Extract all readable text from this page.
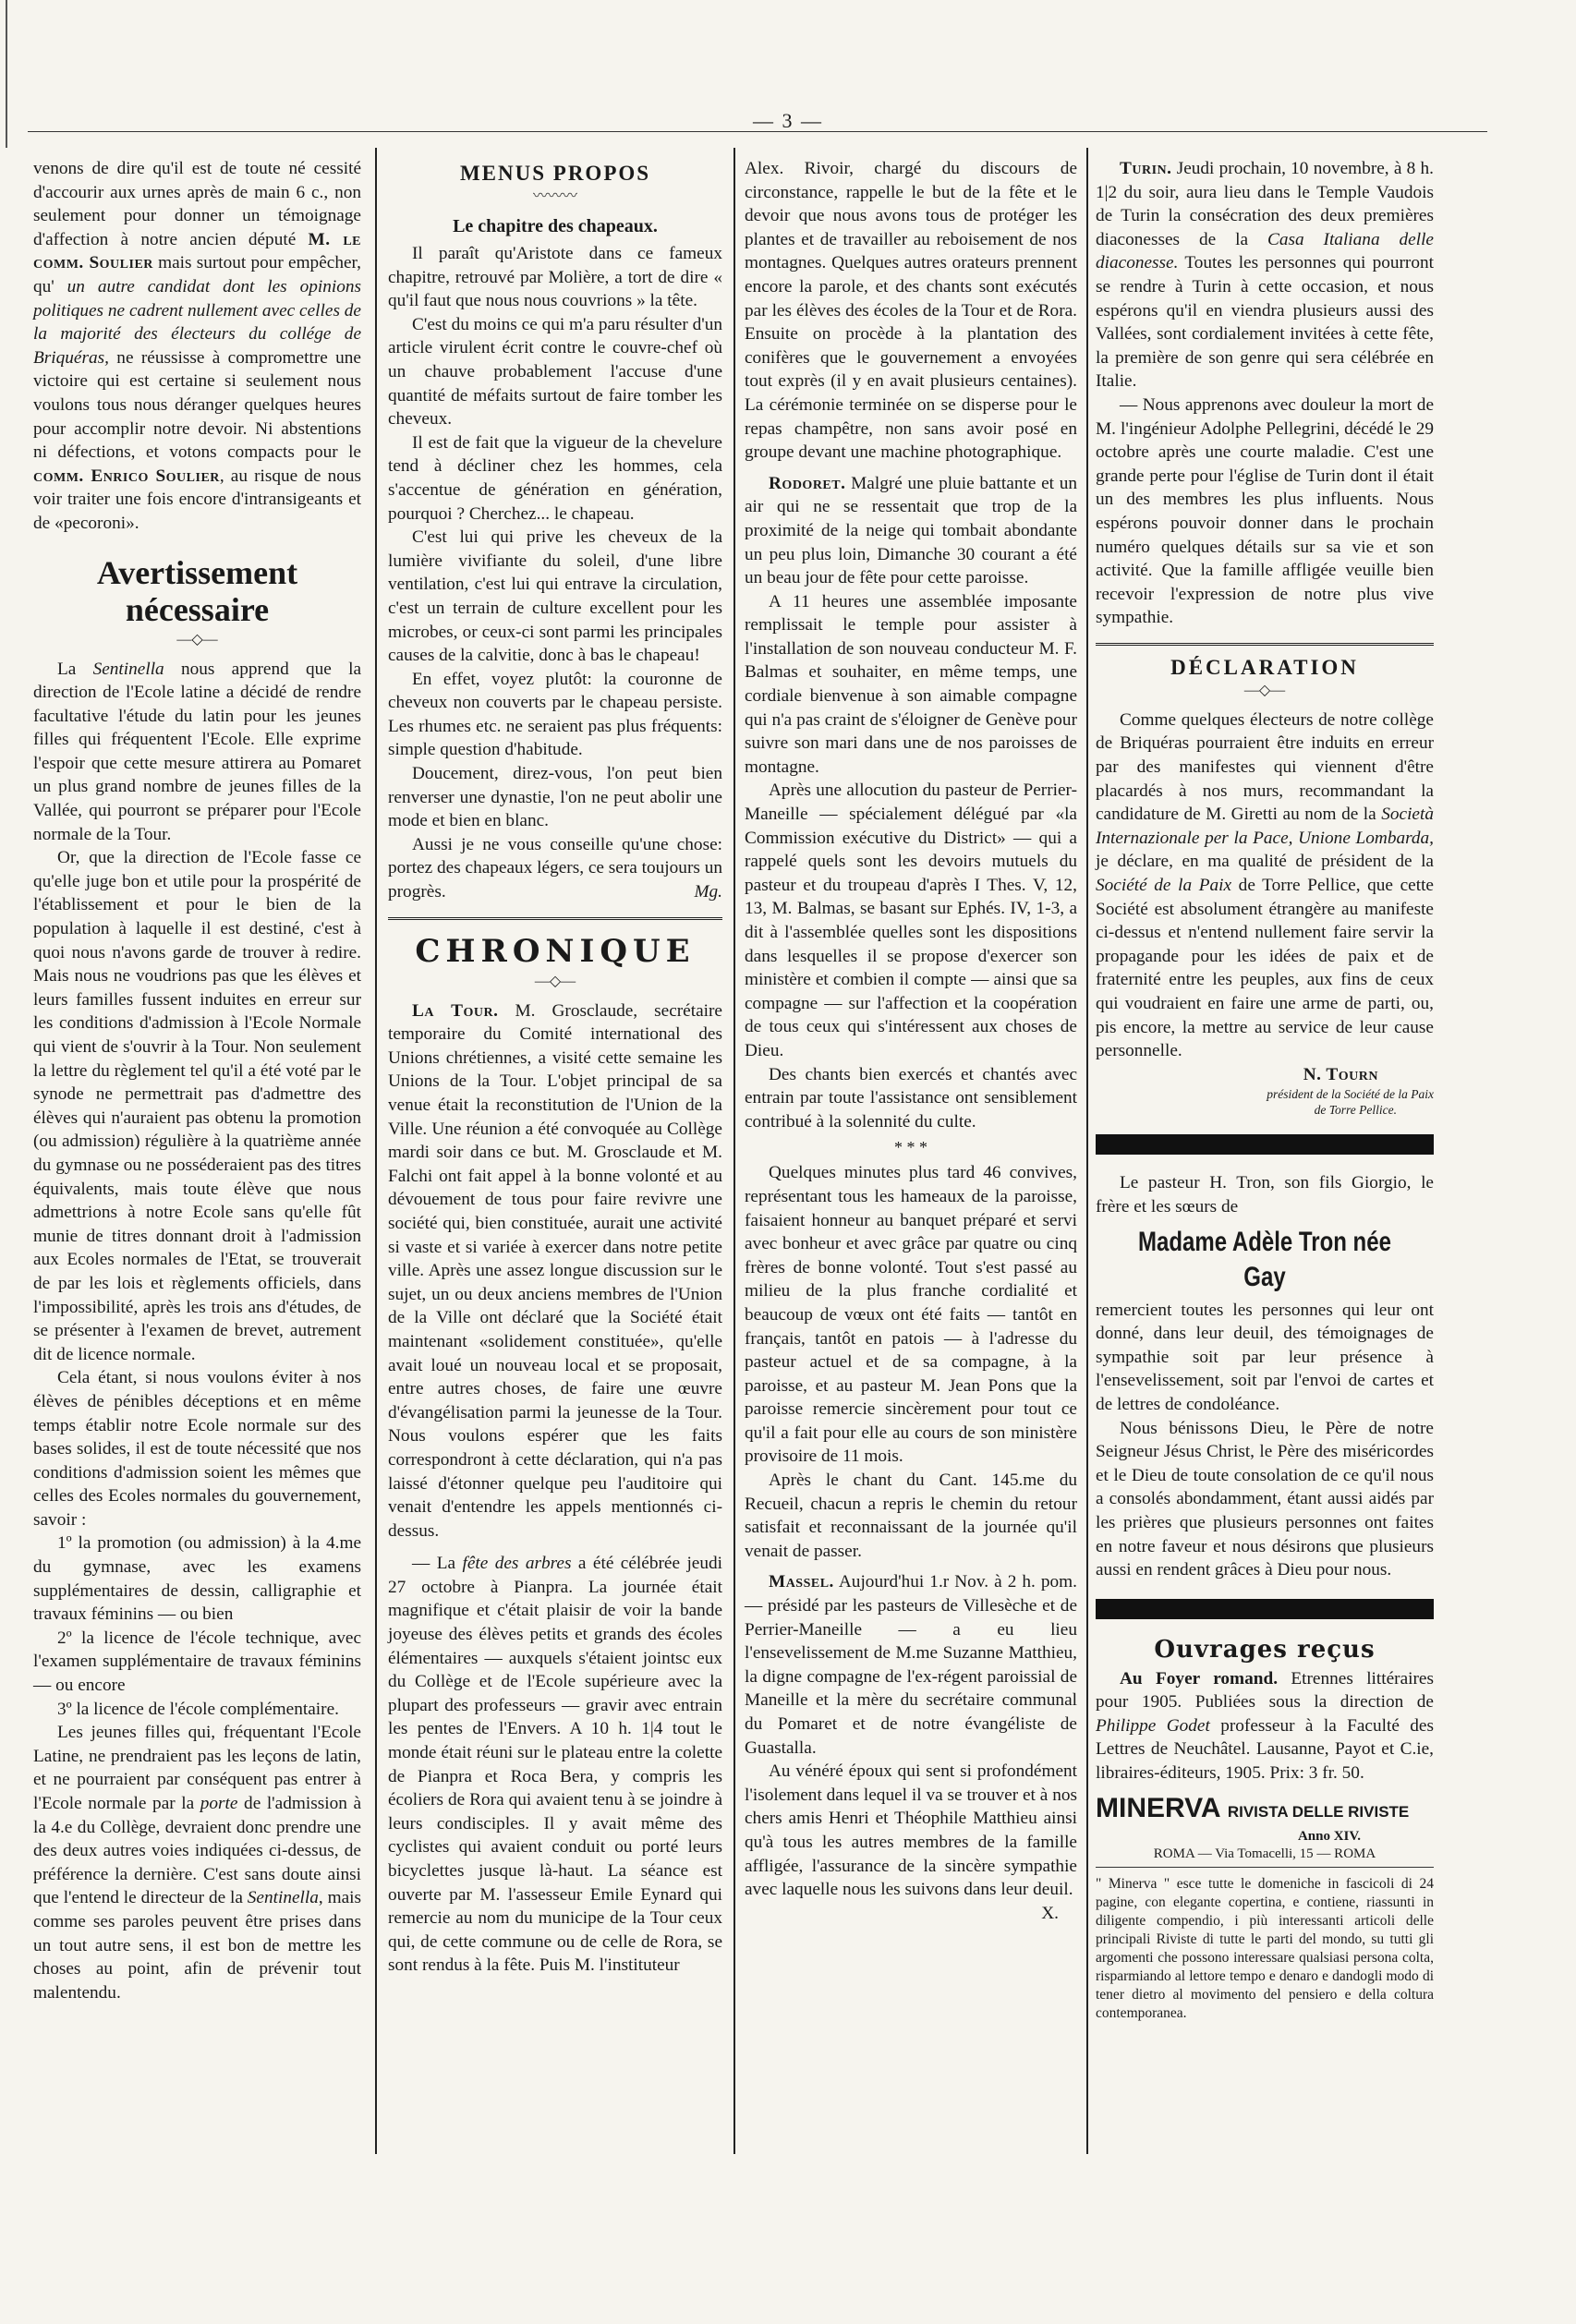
— 3 —

venons de dire qu'il est de toute né cessité d'accourir aux urnes après de main 6 c., non seulement pour donner un témoignage d'affection à notre ancien député M. le comm. Soulier mais surtout pour empêcher, qu' un autre candidat dont les opinions politiques ne cadrent nullement avec celles de la majorité des électeurs du collége de Briquéras, ne réussisse à compromettre une victoire qui est certaine si seulement nous voulons tous nous déranger quelques heures pour accomplir notre devoir. Ni abstentions ni défections, et votons compacts pour le comm. Enrico Soulier, au risque de nous voir traiter une fois encore d'intransigeants et de «pecoroni».

Avertissement nécessaire
—◇—

La Sentinella nous apprend que la direction de l'Ecole latine a décidé de rendre facultative l'étude du latin pour les jeunes filles qui fréquentent l'Ecole. Elle exprime l'espoir que cette mesure attirera au Pomaret un plus grand nombre de jeunes filles de la Vallée, qui pourront se préparer pour l'Ecole normale de la Tour.

Or, que la direction de l'Ecole fasse ce qu'elle juge bon et utile pour la prospérité de l'établissement et pour le bien de la population à laquelle il est destiné, c'est à quoi nous n'avons garde de trouver à redire. Mais nous ne voudrions pas que les élèves et leurs familles fussent induites en erreur sur les conditions d'admission à l'Ecole Normale qui vient de s'ouvrir à la Tour. Non seulement la lettre du règlement tel qu'il a été voté par le synode ne permettrait pas d'admettre des élèves qui n'auraient pas obtenu la promotion (ou admission) régulière à la quatrième année du gymnase ou ne posséderaient pas des titres équivalents, mais toute élève que nous admettrions à notre Ecole sans qu'elle fût munie de titres donnant droit à l'admission aux Ecoles normales de l'Etat, se trouverait de par les lois et règlements officiels, dans l'impossibilité, après les trois ans d'études, de se présenter à l'examen de brevet, autrement dit de licence normale.

Cela étant, si nous voulons éviter à nos élèves de pénibles déceptions et en même temps établir notre Ecole normale sur des bases solides, il est de toute nécessité que nos conditions d'admission soient les mêmes que celles des Ecoles normales du gouvernement, savoir :

1º la promotion (ou admission) à la 4.me du gymnase, avec les examens supplémentaires de dessin, calligraphie et travaux féminins — ou bien

2º la licence de l'école technique, avec l'examen supplémentaire de travaux féminins — ou encore

3º la licence de l'école complémentaire.

Les jeunes filles qui, fréquentant l'Ecole Latine, ne prendraient pas les leçons de latin, et ne pourraient par conséquent pas entrer à l'Ecole normale par la porte de l'admission à la 4.e du Collège, devraient donc prendre une des deux autres voies indiquées ci-dessus, de préférence la dernière. C'est sans doute ainsi que l'entend le directeur de la Sentinella, mais comme ses paroles peuvent être prises dans un tout autre sens, il est bon de mettre les choses au point, afin de prévenir tout malentendu.

MENUS PROPOS
〰〰〰
Le chapitre des chapeaux.

Il paraît qu'Aristote dans ce fameux chapitre, retrouvé par Molière, a tort de dire « qu'il faut que nous nous couvrions » la tête.

C'est du moins ce qui m'a paru résulter d'un article virulent écrit contre le couvre-chef où un chauve probablement l'accuse d'une quantité de méfaits surtout de faire tomber les cheveux.

Il est de fait que la vigueur de la chevelure tend à décliner chez les hommes, cela s'accentue de génération en génération, pourquoi ? Cherchez... le chapeau.

C'est lui qui prive les cheveux de la lumière vivifiante du soleil, d'une libre ventilation, c'est lui qui entrave la circulation, c'est un terrain de culture excellent pour les microbes, or ceux-ci sont parmi les principales causes de la calvitie, donc à bas le chapeau!

En effet, voyez plutôt: la couronne de cheveux non couverts par le chapeau persiste. Les rhumes etc. ne seraient pas plus fréquents: simple question d'habitude.

Doucement, direz-vous, l'on peut bien renverser une dynastie, l'on ne peut abolir une mode et bien en blanc.

Aussi je ne vous conseille qu'une chose: portez des chapeaux légers, ce sera toujours un progrès.	Mg.

CHRONIQUE
—◇—

La Tour. M. Grosclaude, secrétaire temporaire du Comité international des Unions chrétiennes, a visité cette semaine les Unions de la Tour. L'objet principal de sa venue était la reconstitution de l'Union de la Ville. Une réunion a été convoquée au Collège mardi soir dans ce but. M. Grosclaude et M. Falchi ont fait appel à la bonne volonté et au dévouement de tous pour faire revivre une société qui, bien constituée, aurait une activité si vaste et si variée à exercer dans notre petite ville. Après une assez longue discussion sur le sujet, un ou deux anciens membres de l'Union de la Ville ont déclaré que la Société était maintenant «solidement constituée», qu'elle avait loué un nouveau local et se proposait, entre autres choses, de faire une œuvre d'évangélisation parmi la jeunesse de la Tour. Nous voulons espérer que les faits correspondront à cette déclaration, qui n'a pas laissé d'étonner quelque peu l'auditoire qui venait d'entendre les appels mentionnés ci-dessus.

— La fête des arbres a été célébrée jeudi 27 octobre à Pianpra. La journée était magnifique et c'était plaisir de voir la bande joyeuse des élèves petits et grands des écoles élémentaires — auxquels s'étaient jointsc eux du Collège et de l'Ecole supérieure avec la plupart des professeurs — gravir avec entrain les pentes de l'Envers. A 10 h. 1|4 tout le monde était réuni sur le plateau entre la colette de Pianpra et Roca Bera, y compris les écoliers de Rora qui avaient tenu à se joindre à leurs condisciples. Il y avait même des cyclistes qui avaient conduit ou porté leurs bicyclettes jusque là-haut. La séance est ouverte par M. l'assesseur Emile Eynard qui remercie au nom du municipe de la Tour ceux qui, de cette commune ou de celle de Rora, se sont rendus à la fête. Puis M. l'instituteur

Alex. Rivoir, chargé du discours de circonstance, rappelle le but de la fête et le devoir que nous avons tous de protéger les plantes et de travailler au reboisement de nos montagnes. Quelques autres orateurs prennent encore la parole, et des chants sont exécutés par les élèves des écoles de la Tour et de Rora. Ensuite on procède à la plantation des conifères que le gouvernement a envoyées tout exprès (il y en avait plusieurs centaines). La cérémonie terminée on se disperse pour le repas champêtre, non sans avoir posé en groupe devant une machine photographique.

Rodoret. Malgré une pluie battante et un air qui ne se ressentait que trop de la proximité de la neige qui tombait abondante un peu plus loin, Dimanche 30 courant a été un beau jour de fête pour cette paroisse.

A 11 heures une assemblée imposante remplissait le temple pour assister à l'installation de son nouveau conducteur M. F. Balmas et souhaiter, en même temps, une cordiale bienvenue à son aimable compagne qui n'a pas craint de s'éloigner de Genève pour suivre son mari dans une de nos paroisses de montagne.

Après une allocution du pasteur de Perrier-Maneille — spécialement délégué par «la Commission exécutive du District» — qui a rappelé quels sont les devoirs mutuels du pasteur et du troupeau d'après I Thes. V, 12, 13, M. Balmas, se basant sur Ephés. IV, 1-3, a dit à l'assemblée quelles sont les dispositions dans lesquelles il se propose d'exercer son ministère et combien il compte — ainsi que sa compagne — sur l'affection et la coopération de tous ceux qui s'intéressent aux choses de Dieu.

Des chants bien exercés et chantés avec entrain par toute l'assistance ont sensiblement contribué à la solennité du culte.

* * *

Quelques minutes plus tard 46 convives, représentant tous les hameaux de la paroisse, faisaient honneur au banquet préparé et servi avec bonheur et avec grâce par quatre ou cinq frères de bonne volonté. Tout s'est passé au milieu de la plus franche cordialité et beaucoup de vœux ont été faits — tantôt en français, tantôt en patois — à l'adresse du pasteur actuel et de sa compagne, à la paroisse, et au pasteur M. Jean Pons que la paroisse remercie sincèrement pour tout ce qu'il a fait pour elle au cours de son ministère provisoire de 11 mois.

Après le chant du Cant. 145.me du Recueil, chacun a repris le chemin du retour satisfait et reconnaissant de la journée qu'il venait de passer.

Massel. Aujourd'hui 1.r Nov. à 2 h. pom. — présidé par les pasteurs de Villesèche et de Perrier-Maneille — a eu lieu l'ensevelissement de M.me Suzanne Matthieu, la digne compagne de l'ex-régent paroissial de Maneille et la mère du secrétaire communal du Pomaret et de notre évangéliste de Guastalla.

Au vénéré époux qui sent si profondément l'isolement dans lequel il va se trouver et à nos chers amis Henri et Théophile Matthieu ainsi qu'à tous les autres membres de la famille affligée, l'assurance de la sincère sympathie avec laquelle nous les suivons dans leur deuil.
X.

Turin. Jeudi prochain, 10 novembre, à 8 h. 1|2 du soir, aura lieu dans le Temple Vaudois de Turin la consécration des deux premières diaconesses de la Casa Italiana delle diaconesse. Toutes les personnes qui pourront se rendre à Turin à cette occasion, et nous espérons qu'il en viendra plusieurs aussi des Vallées, sont cordialement invitées à cette fête, la première de son genre qui sera célébrée en Italie.

— Nous apprenons avec douleur la mort de M. l'ingénieur Adolphe Pellegrini, décédé le 29 octobre après une courte maladie. C'est une grande perte pour l'église de Turin dont il était un des membres les plus influents. Nous espérons pouvoir donner dans le prochain numéro quelques détails sur sa vie et son activité. Que la famille affligée veuille bien recevoir l'expression de notre plus vive sympathie.

DÉCLARATION
—◇—

Comme quelques électeurs de notre collège de Briquéras pourraient être induits en erreur par des manifestes qui viennent d'être placardés à nos murs, recommandant la candidature de M. Giretti au nom de la Società Internazionale per la Pace, Unione Lombarda, je déclare, en ma qualité de président de la Société de la Paix de Torre Pellice, que cette Société est absolument étrangère au manifeste ci-dessus et n'entend nullement faire servir la propagande pour les idées de paix et de fraternité entre les peuples, aux fins de ceux qui voudraient en faire une arme de parti, ou, pis encore, la mettre au service de leur cause personnelle.

N. Tourn
président de la Société de la Paix
de Torre Pellice.

Le pasteur H. Tron, son fils Giorgio, le frère et les sœurs de

Madame Adèle Tron née Gay

remercient toutes les personnes qui leur ont donné, dans leur deuil, des témoignages de sympathie soit par leur présence à l'ensevelissement, soit par l'envoi de cartes et de lettres de condoléance.

Nous bénissons Dieu, le Père de notre Seigneur Jésus Christ, le Père des miséricordes et le Dieu de toute consolation de ce qu'il nous a consolés abondamment, étant aussi aidés par les prières que plusieurs personnes ont faites en notre faveur et nous désirons que plusieurs aussi en rendent grâces à Dieu pour nous.

Ouvrages reçus

Au Foyer romand. Etrennes littéraires pour 1905. Publiées sous la direction de Philippe Godet professeur à la Faculté des Lettres de Neuchâtel. Lausanne, Payot et C.ie, libraires-éditeurs, 1905. Prix: 3 fr. 50.

MINERVA RIVISTA DELLE RIVISTE
Anno XIV.
ROMA — Via Tomacelli, 15 — ROMA
" Minerva " esce tutte le domeniche in fascicoli di 24 pagine, con elegante copertina, e contiene, riassunti in diligente compendio, i più interessanti articoli delle principali Riviste di tutte le parti del mondo, su tutti gli argomenti che possono interessare qualsiasi persona colta, risparmiando al lettore tempo e denaro e dandogli modo di tener dietro al movimento del pensiero e della coltura contemporanea.
